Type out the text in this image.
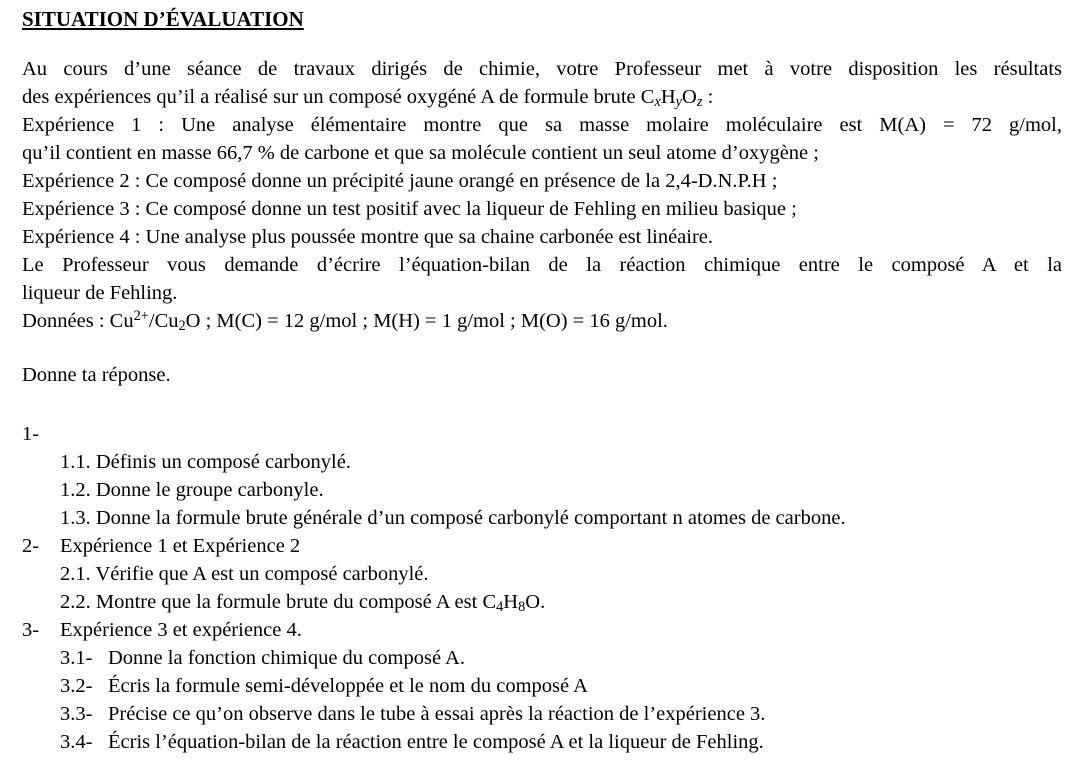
SITUATION D’ÉVALUATION
Au cours d’une séance de travaux dirigés de chimie, votre Professeur met à votre disposition les résultats
des expériences qu’il a réalisé sur un composé oxygéné A de formule brute $C_xH_yO_z$ :
Expérience 1 : Une analyse élémentaire montre que sa masse molaire moléculaire est M(A) = 72 g/mol,
qu’il contient en masse 66,7 % de carbone et que sa molécule contient un seul atome d’oxygène ;
Expérience 2 : Ce composé donne un précipité jaune orangé en présence de la 2,4-D.N.P.H ;
Expérience 3 : Ce composé donne un test positif avec la liqueur de Fehling en milieu basique ;
Expérience 4 : Une analyse plus poussée montre que sa chaine carbonée est linéaire.
Le Professeur vous demande d’écrire l’équation-bilan de la réaction chimique entre le composé A et la
liqueur de Fehling.
Données : $Cu^{2+}/Cu_2O$ ; M(C) = 12 g/mol ; M(H) = 1 g/mol ; M(O) = 16 g/mol.
Donne ta réponse.
1-
1.1. Définis un composé carbonylé.
1.2. Donne le groupe carbonyle.
1.3. Donne la formule brute générale d’un composé carbonylé comportant n atomes de carbone.
2- Expérience 1 et Expérience 2
2.1. Vérifie que A est un composé carbonylé.
2.2. Montre que la formule brute du composé A est $C_4H_8O$.
3- Expérience 3 et expérience 4.
3.1- Donne la fonction chimique du composé A.
3.2- Écris la formule semi-développée et le nom du composé A
3.3- Précise ce qu’on observe dans le tube à essai après la réaction de l’expérience 3.
3.4- Écris l’équation-bilan de la réaction entre le composé A et la liqueur de Fehling.
